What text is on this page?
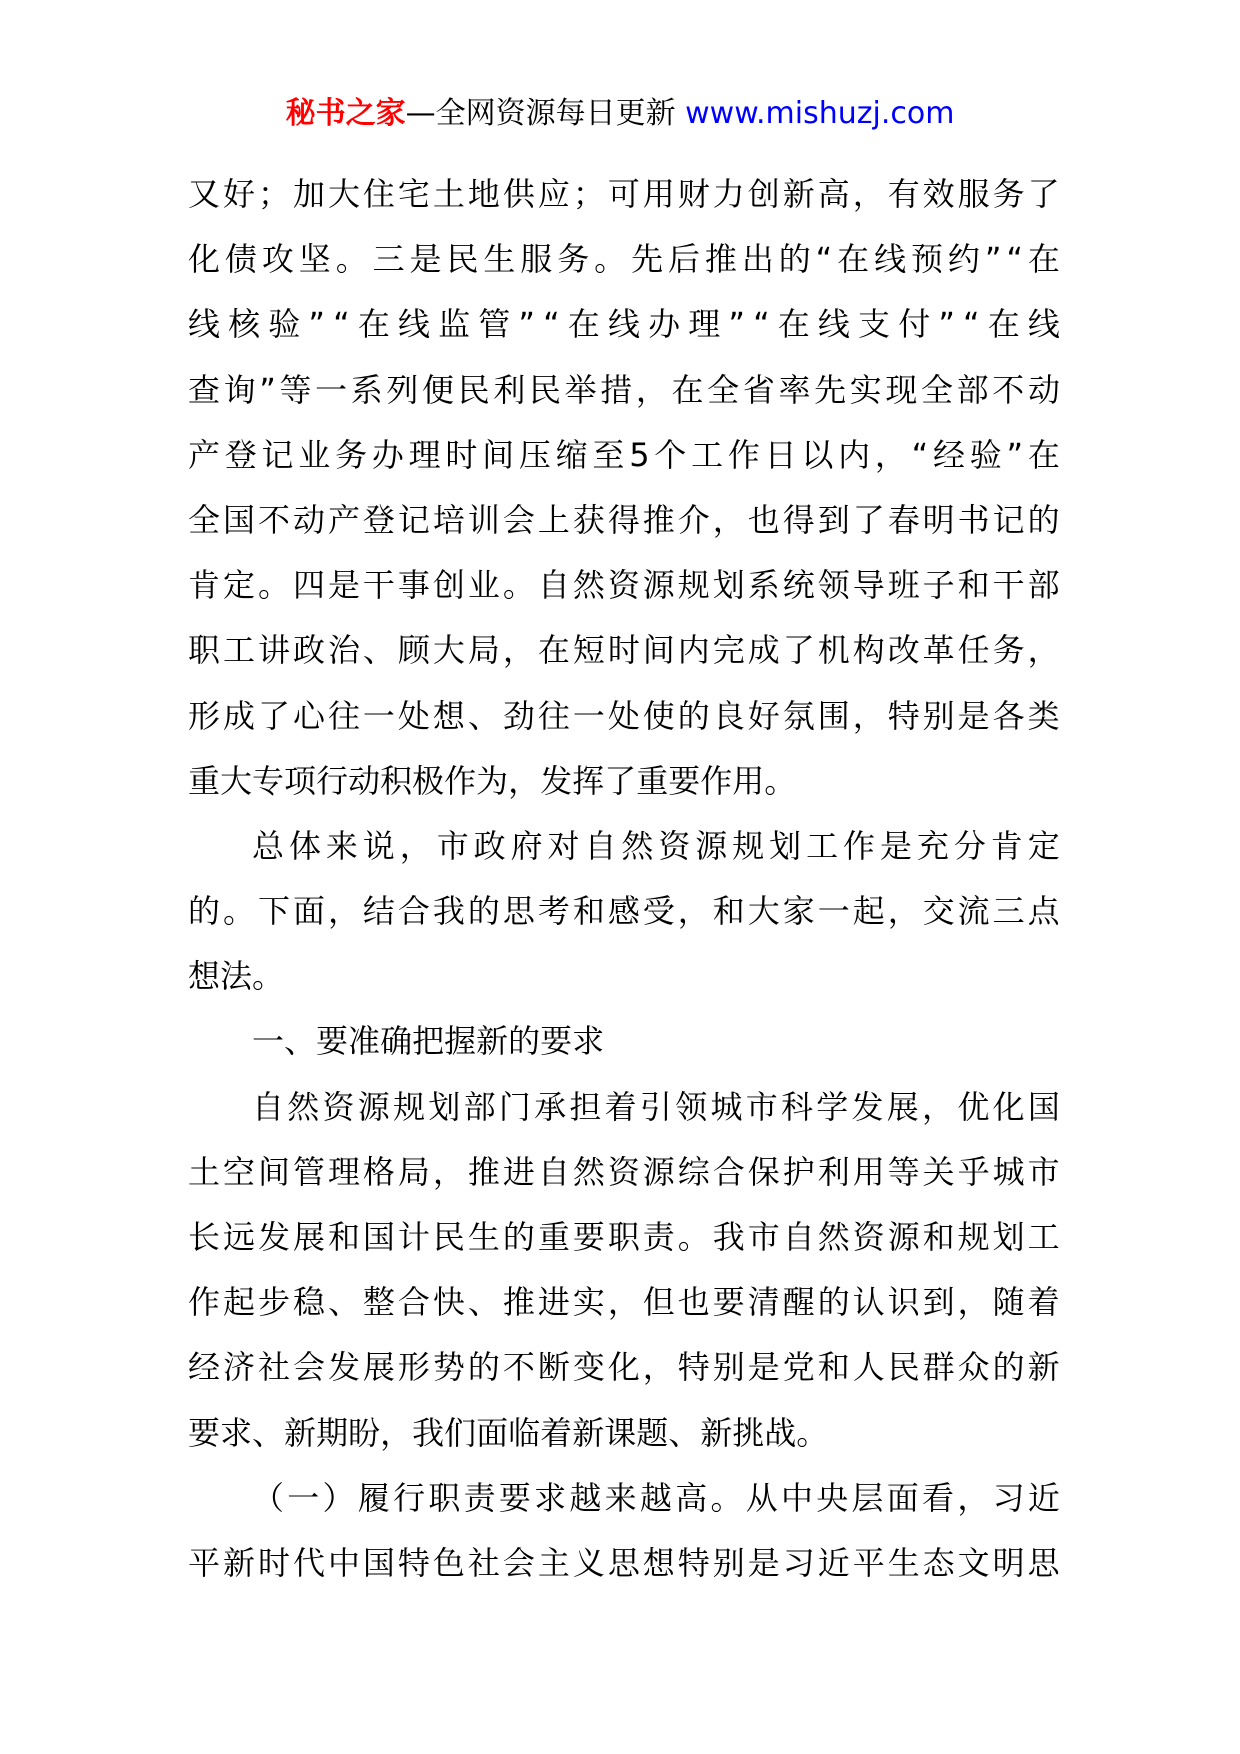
秘书之家—全网资源每日更新 www.mishuzj.com
又 好 ； 加 大 住 宅 土 地 供 应 ； 可 用 财 力 创 新 高 ， 有 效 服 务 了
化 债 攻 坚 。 三 是 民 生 服 务 。 先 后 推 出 的 “ 在 线 预 约 ” “ 在
线 核 验 ” “ 在 线 监 管 ” “ 在 线 办 理 ” “ 在 线 支 付 ” “ 在 线
查 询 ” 等 一 系 列 便 民 利 民 举 措 ， 在 全 省 率 先 实 现 全 部 不 动
产 登 记 业 务 办 理 时 间 压 缩 至 5 个 工 作 日 以 内 ， “ 经 验 ” 在
全 国 不 动 产 登 记 培 训 会 上 获 得 推 介 ， 也 得 到 了 春 明 书 记 的
肯 定 。 四 是 干 事 创 业 。 自 然 资 源 规 划 系 统 领 导 班 子 和 干 部
职 工 讲 政 治 、 顾 大 局 ， 在 短 时 间 内 完 成 了 机 构 改 革 任 务 ，
形 成 了 心 往 一 处 想 、 劲 往 一 处 使 的 良 好 氛 围 ， 特 别 是 各 类
重 大 专 项 行 动 积 极 作 为 ， 发 挥 了 重 要 作 用 。
总 体 来 说 ， 市 政 府 对 自 然 资 源 规 划 工 作 是 充 分 肯 定
的 。 下 面 ， 结 合 我 的 思 考 和 感 受 ， 和 大 家 一 起 ， 交 流 三 点
想 法 。
一 、 要 准 确 把 握 新 的 要 求
自 然 资 源 规 划 部 门 承 担 着 引 领 城 市 科 学 发 展 ， 优 化 国
土 空 间 管 理 格 局 ， 推 进 自 然 资 源 综 合 保 护 利 用 等 关 乎 城 市
长 远 发 展 和 国 计 民 生 的 重 要 职 责 。 我 市 自 然 资 源 和 规 划 工
作 起 步 稳 、 整 合 快 、 推 进 实 ， 但 也 要 清 醒 的 认 识 到 ， 随 着
经 济 社 会 发 展 形 势 的 不 断 变 化 ， 特 别 是 党 和 人 民 群 众 的 新
要 求 、 新 期 盼 ， 我 们 面 临 着 新 课 题 、 新 挑 战 。
（ 一 ） 履 行 职 责 要 求 越 来 越 高 。 从 中 央 层 面 看 ， 习 近
平 新 时 代 中 国 特 色 社 会 主 义 思 想 特 别 是 习 近 平 生 态 文 明 思
